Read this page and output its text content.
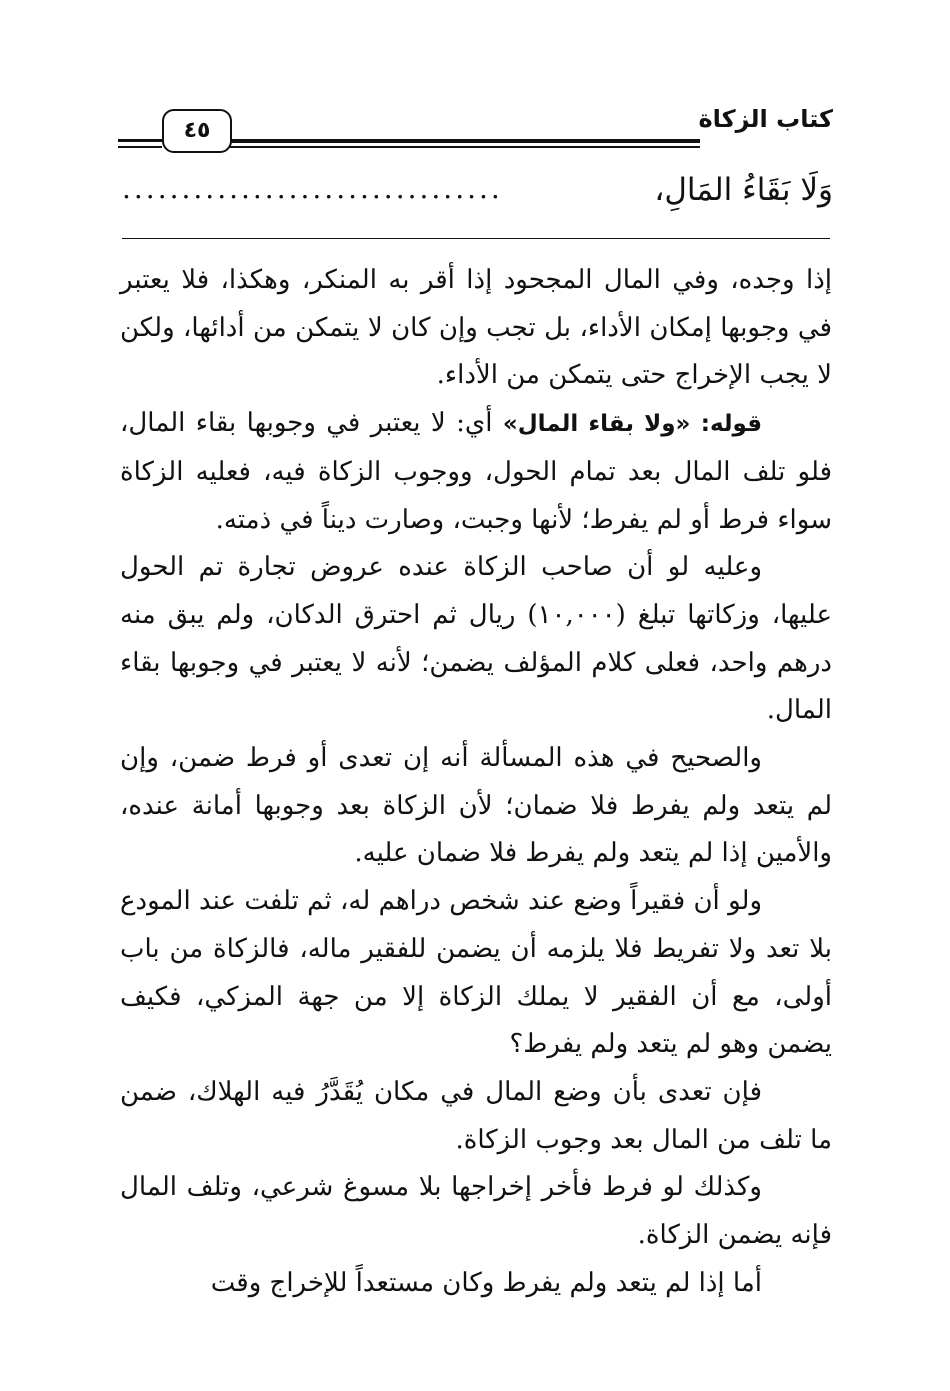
كتاب الزكاة
٤٥
وَلَا بَقَاءُ المَالِ،
................................

إذا وجده، وفي المال المجحود إذا أقر به المنكر، وهكذا، فلا يعتبر في وجوبها إمكان الأداء، بل تجب وإن كان لا يتمكن من أدائها، ولكن لا يجب الإخراج حتى يتمكن من الأداء.

قوله: «ولا بقاء المال» أي: لا يعتبر في وجوبها بقاء المال، فلو تلف المال بعد تمام الحول، ووجوب الزكاة فيه، فعليه الزكاة سواء فرط أو لم يفرط؛ لأنها وجبت، وصارت ديناً في ذمته.

وعليه لو أن صاحب الزكاة عنده عروض تجارة تم الحول عليها، وزكاتها تبلغ (١٠,٠٠٠) ريال ثم احترق الدكان، ولم يبق منه درهم واحد، فعلى كلام المؤلف يضمن؛ لأنه لا يعتبر في وجوبها بقاء المال.

والصحيح في هذه المسألة أنه إن تعدى أو فرط ضمن، وإن لم يتعد ولم يفرط فلا ضمان؛ لأن الزكاة بعد وجوبها أمانة عنده، والأمين إذا لم يتعد ولم يفرط فلا ضمان عليه.

ولو أن فقيراً وضع عند شخص دراهم له، ثم تلفت عند المودع بلا تعد ولا تفريط فلا يلزمه أن يضمن للفقير ماله، فالزكاة من باب أولى، مع أن الفقير لا يملك الزكاة إلا من جهة المزكي، فكيف يضمن وهو لم يتعد ولم يفرط؟

فإن تعدى بأن وضع المال في مكان يُقَدَّرُ فيه الهلاك، ضمن ما تلف من المال بعد وجوب الزكاة.

وكذلك لو فرط فأخر إخراجها بلا مسوغ شرعي، وتلف المال فإنه يضمن الزكاة.

أما إذا لم يتعد ولم يفرط وكان مستعداً للإخراج وقت
